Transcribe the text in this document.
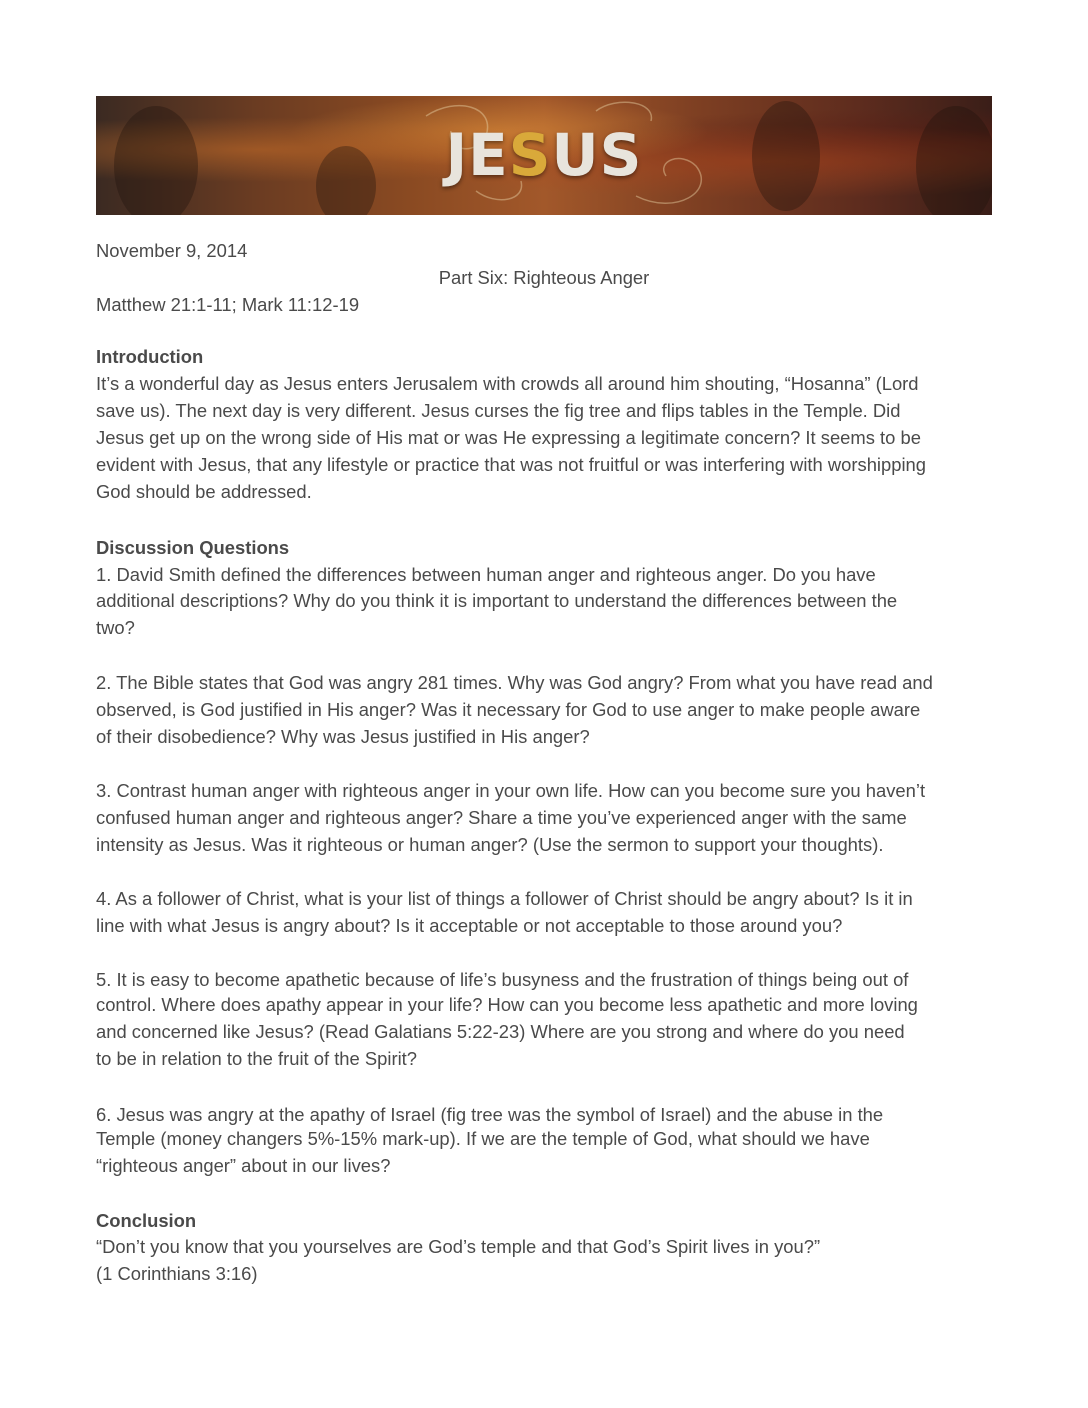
JESUS
November 9, 2014
Part Six: Righteous Anger
Matthew 21:1-11; Mark 11:12-19
Introduction
It’s a wonderful day as Jesus enters Jerusalem with crowds all around him shouting, “Hosanna” (Lord
save us). The next day is very different. Jesus curses the fig tree and flips tables in the Temple. Did
Jesus get up on the wrong side of His mat or was He expressing a legitimate concern? It seems to be
evident with Jesus, that any lifestyle or practice that was not fruitful or was interfering with worshipping
God should be addressed.
Discussion Questions
1. David Smith defined the differences between human anger and righteous anger. Do you have
additional descriptions? Why do you think it is important to understand the differences between the
two?
2. The Bible states that God was angry 281 times. Why was God angry? From what you have read and
observed, is God justified in His anger? Was it necessary for God to use anger to make people aware
of their disobedience? Why was Jesus justified in His anger?
3. Contrast human anger with righteous anger in your own life. How can you become sure you haven’t
confused human anger and righteous anger? Share a time you’ve experienced anger with the same
intensity as Jesus. Was it righteous or human anger? (Use the sermon to support your thoughts).
4. As a follower of Christ, what is your list of things a follower of Christ should be angry about? Is it in
line with what Jesus is angry about? Is it acceptable or not acceptable to those around you?
5. It is easy to become apathetic because of life’s busyness and the frustration of things being out of
control. Where does apathy appear in your life? How can you become less apathetic and more loving
and concerned like Jesus? (Read Galatians 5:22-23) Where are you strong and where do you need
to be in relation to the fruit of the Spirit?
6. Jesus was angry at the apathy of Israel (fig tree was the symbol of Israel) and the abuse in the
Temple (money changers 5%-15% mark-up). If we are the temple of God, what should we have
“righteous anger” about in our lives?
Conclusion
“Don’t you know that you yourselves are God’s temple and that God’s Spirit lives in you?”
(1 Corinthians 3:16)
